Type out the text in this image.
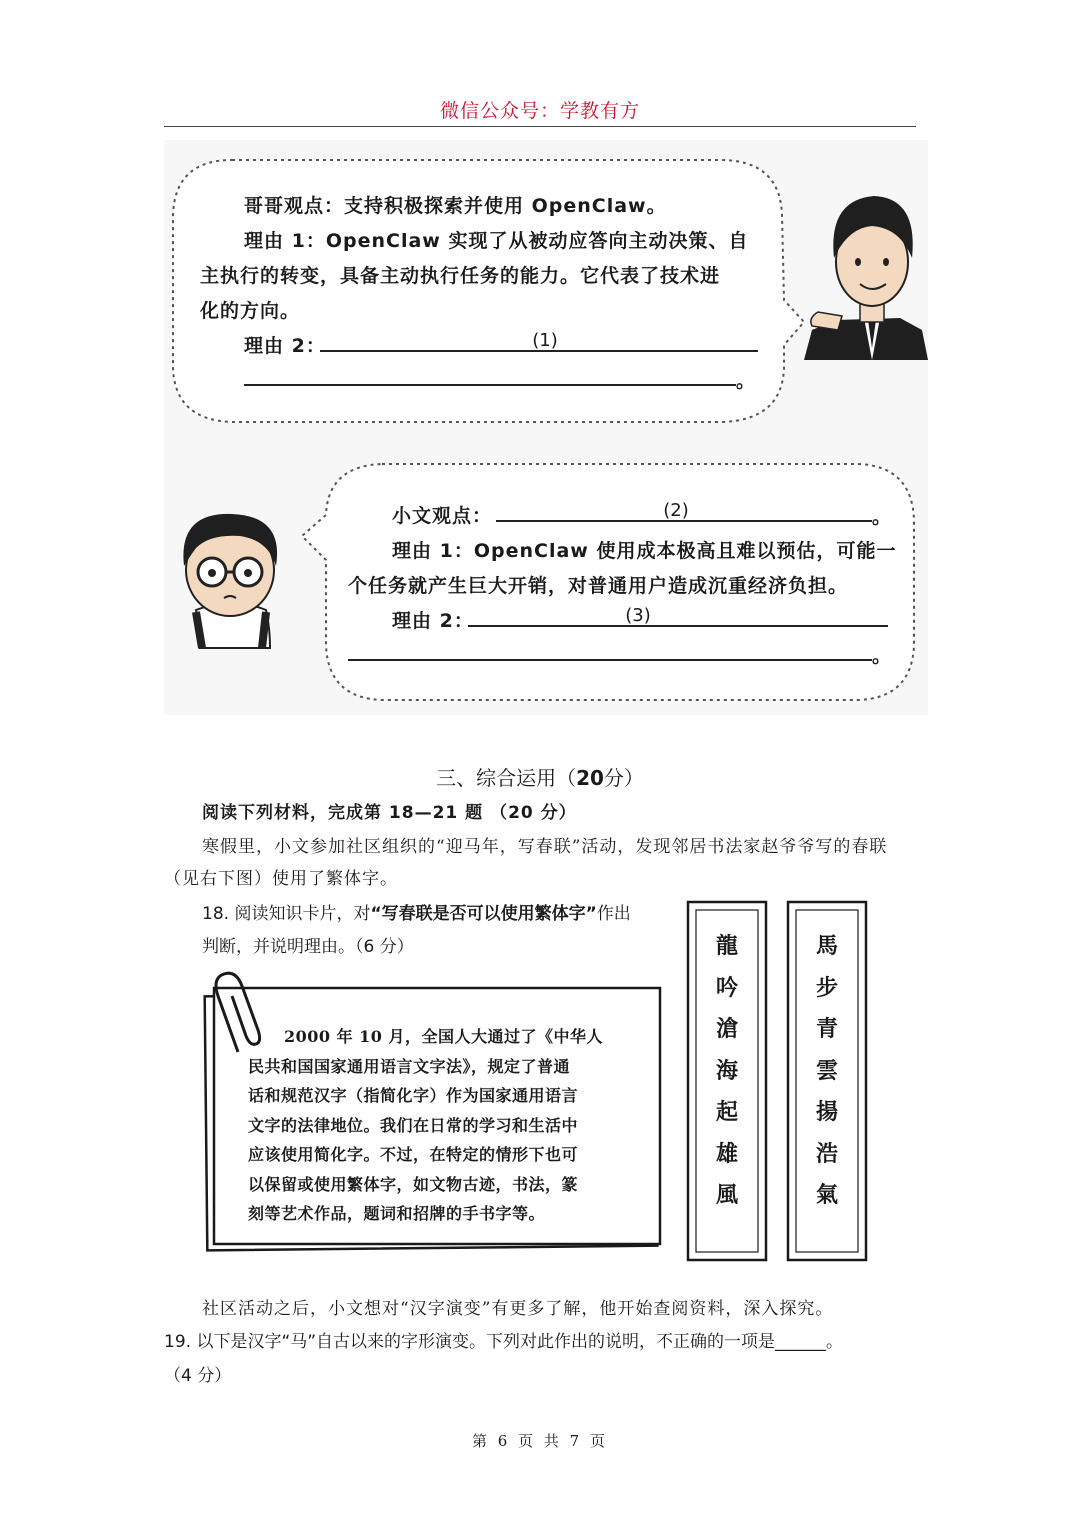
微信公众号：学教有方
哥哥观点：支持积极探索并使用 OpenClaw。
理由 1：OpenClaw 实现了从被动应答向主动决策、自
主执行的转变，具备主动执行任务的能力。它代表了技术进
化的方向。
理由 2：	(1)
。
小文观点：	(2)	。
理由 1：OpenClaw 使用成本极高且难以预估，可能一
个任务就产生巨大开销，对普通用户造成沉重经济负担。
理由 2：	(3)
。
三、综合运用（20分）
阅读下列材料，完成第 18—21 题 （20 分）
寒假里，小文参加社区组织的“迎马年，写春联”活动，发现邻居书法家赵爷爷写的春联
（见右下图）使用了繁体字。
18. 阅读知识卡片，对“写春联是否可以使用繁体字”作出
判断，并说明理由。（6 分）
2000 年 10 月，全国人大通过了《中华人
民共和国国家通用语言文字法》，规定了普通
话和规范汉字（指简化字）作为国家通用语言
文字的法律地位。我们在日常的学习和生活中
应该使用简化字。不过，在特定的情形下也可
以保留或使用繁体字，如文物古迹，书法，篆
刻等艺术作品，题词和招牌的手书字等。
龍
吟
滄
海
起
雄
風
馬
步
青
雲
揚
浩
氣
社区活动之后，小文想对“汉字演变”有更多了解，他开始查阅资料，深入探究。
19. 以下是汉字“马”自古以来的字形演变。下列对此作出的说明，不正确的一项是______。
（4 分）
第 6 页 共 7 页
